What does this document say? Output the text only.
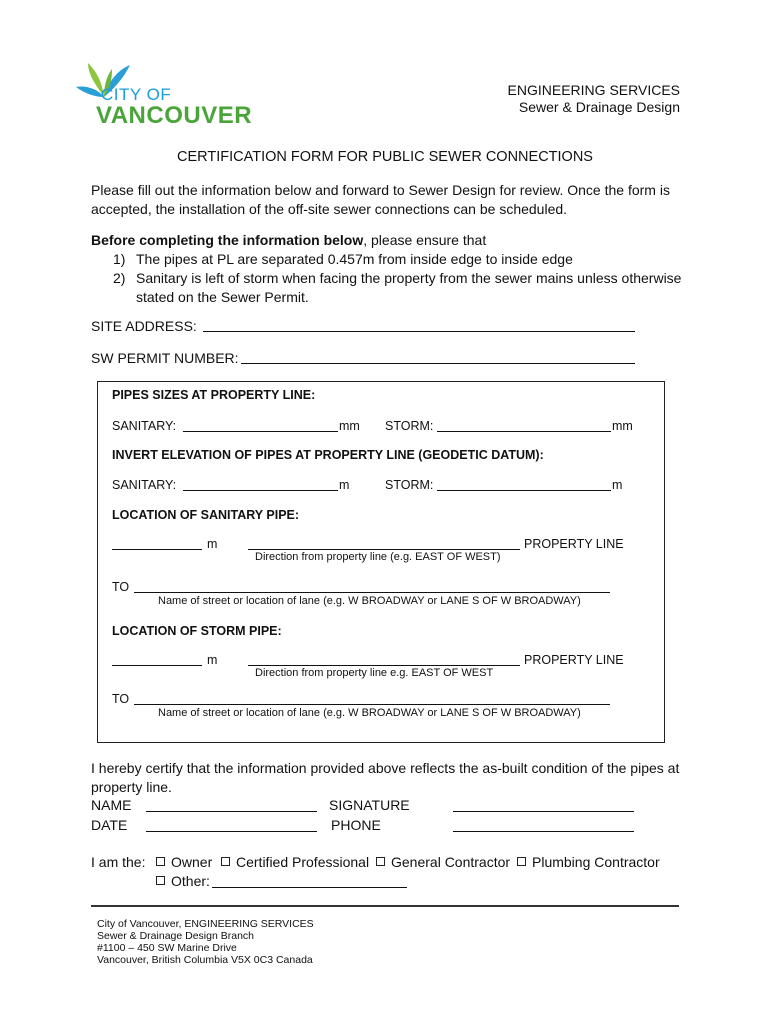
CITY OF
VANCOUVER
ENGINEERING SERVICES
Sewer & Drainage Design
CERTIFICATION FORM FOR PUBLIC SEWER CONNECTIONS
Please fill out the information below and forward to Sewer Design for review. Once the form is
accepted, the installation of the off-site sewer connections can be scheduled.
Before completing the information below, please ensure that
1) The pipes at PL are separated 0.457m from inside edge to inside edge
2) Sanitary is left of storm when facing the property from the sewer mains unless otherwise
stated on the Sewer Permit.
SITE ADDRESS:
SW PERMIT NUMBER:
PIPES SIZES AT PROPERTY LINE:
SANITARY:	mm STORM:	mm
INVERT ELEVATION OF PIPES AT PROPERTY LINE (GEODETIC DATUM):
SANITARY:	m	STORM:	m
LOCATION OF SANITARY PIPE:
m	PROPERTY LINE
Direction from property line (e.g. EAST OF WEST)
TO
Name of street or location of lane (e.g. W BROADWAY or LANE S OF W BROADWAY)
LOCATION OF STORM PIPE:
m	PROPERTY LINE
Direction from property line e.g. EAST OF WEST
TO
Name of street or location of lane (e.g. W BROADWAY or LANE S OF W BROADWAY)
I hereby certify that the information provided above reflects the as-built condition of the pipes at
property line.
NAME	SIGNATURE
DATE	PHONE
I am the:	Owner	Certified Professional	General Contractor	Plumbing Contractor
Other:
City of Vancouver, ENGINEERING SERVICES
Sewer & Drainage Design Branch
#1100 – 450 SW Marine Drive
Vancouver, British Columbia V5X 0C3 Canada
